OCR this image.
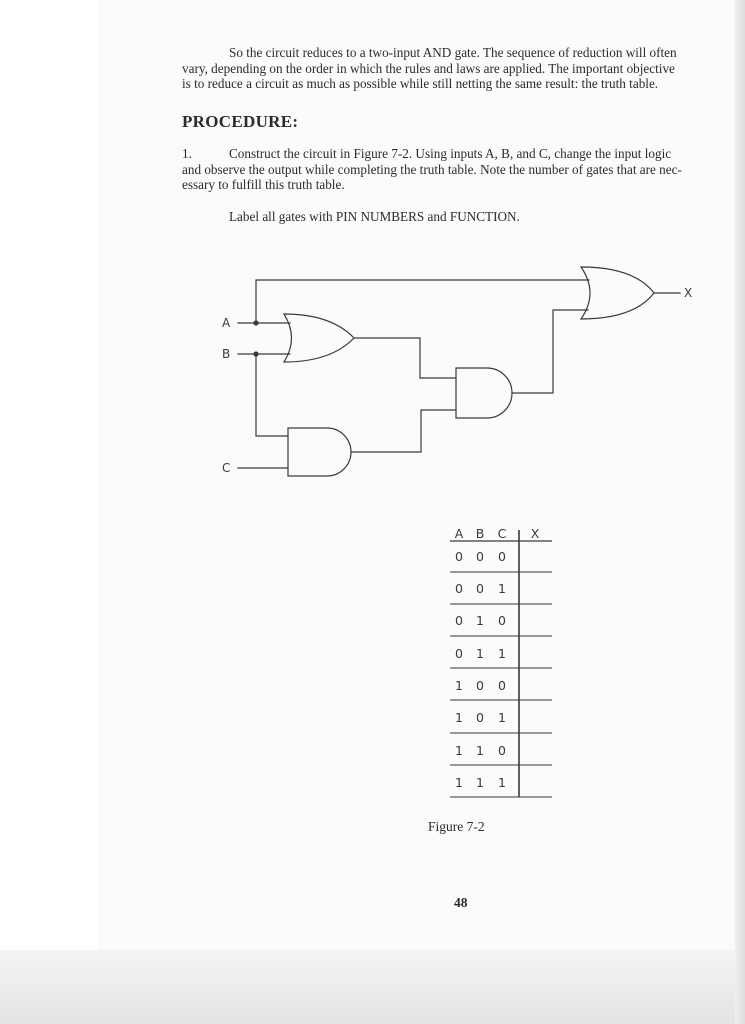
So the circuit reduces to a two-input AND gate. The sequence of reduction will often
vary, depending on the order in which the rules and laws are applied. The important objective
is to reduce a circuit as much as possible while still netting the same result: the truth table.
PROCEDURE:
1.	Construct the circuit in Figure 7-2. Using inputs A, B, and C, change the input logic
and observe the output while completing the truth table. Note the number of gates that are nec-
essary to fulfill this truth table.
Label all gates with PIN NUMBERS and FUNCTION.
A
B
C
X
A B C X
0 0 0
0 0 1
0 1 0
0 1 1
1 0 0
1 0 1
1 1 0
1 1 1
Figure 7-2
48
